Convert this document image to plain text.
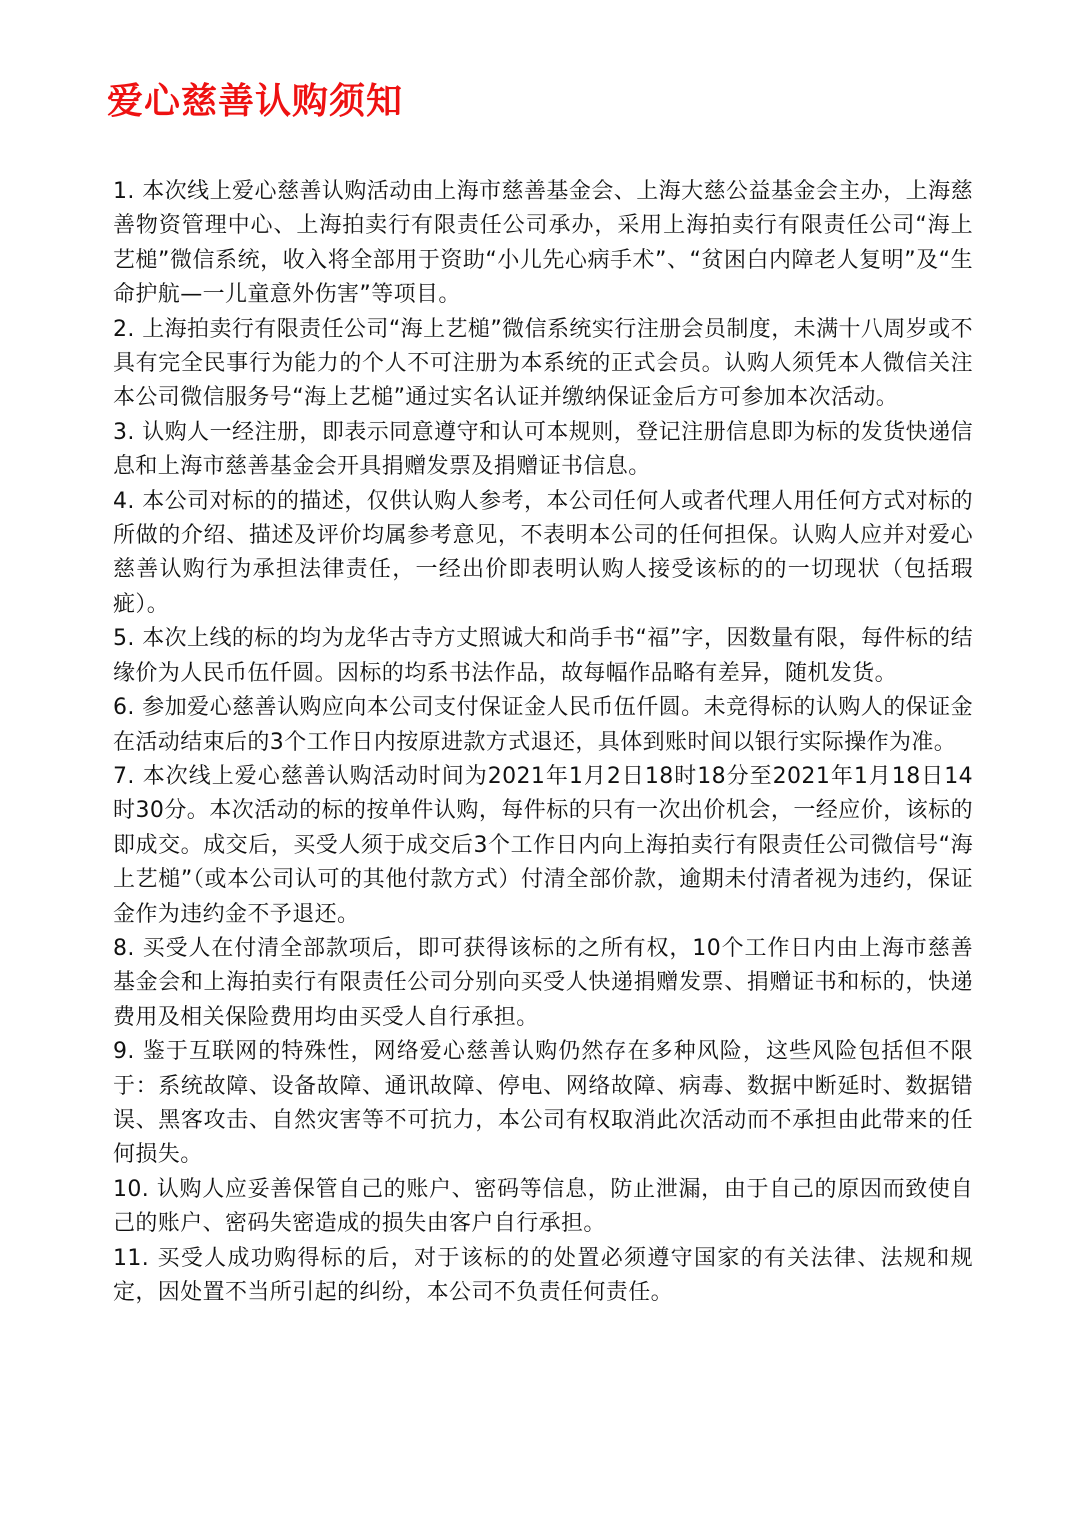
爱心慈善认购须知
1. 本次线上爱心慈善认购活动由上海市慈善基金会、上海大慈公益基金会主办，上海慈善物资管理中心、上海拍卖行有限责任公司承办，采用上海拍卖行有限责任公司“海上艺槌”微信系统，收入将全部用于资助“小儿先心病手术”、“贫困白内障老人复明”及“生命护航—一儿童意外伤害”等项目。
2. 上海拍卖行有限责任公司“海上艺槌”微信系统实行注册会员制度，未满十八周岁或不具有完全民事行为能力的个人不可注册为本系统的正式会员。认购人须凭本人微信关注本公司微信服务号“海上艺槌”通过实名认证并缴纳保证金后方可参加本次活动。
3. 认购人一经注册，即表示同意遵守和认可本规则，登记注册信息即为标的发货快递信息和上海市慈善基金会开具捐赠发票及捐赠证书信息。
4. 本公司对标的的描述，仅供认购人参考，本公司任何人或者代理人用任何方式对标的所做的介绍、描述及评价均属参考意见，不表明本公司的任何担保。认购人应并对爱心慈善认购行为承担法律责任，一经出价即表明认购人接受该标的的一切现状（包括瑕疵）。
5. 本次上线的标的均为龙华古寺方丈照诚大和尚手书“福”字，因数量有限，每件标的结缘价为人民币伍仟圆。因标的均系书法作品，故每幅作品略有差异，随机发货。
6. 参加爱心慈善认购应向本公司支付保证金人民币伍仟圆。未竞得标的认购人的保证金在活动结束后的3个工作日内按原进款方式退还，具体到账时间以银行实际操作为准。
7. 本次线上爱心慈善认购活动时间为2021年1月2日18时18分至2021年1月18日14时30分。本次活动的标的按单件认购，每件标的只有一次出价机会，一经应价，该标的即成交。成交后，买受人须于成交后3个工作日内向上海拍卖行有限责任公司微信号“海上艺槌”（或本公司认可的其他付款方式）付清全部价款，逾期未付清者视为违约，保证金作为违约金不予退还。
8. 买受人在付清全部款项后，即可获得该标的之所有权，10个工作日内由上海市慈善基金会和上海拍卖行有限责任公司分别向买受人快递捐赠发票、捐赠证书和标的，快递费用及相关保险费用均由买受人自行承担。
9. 鉴于互联网的特殊性，网络爱心慈善认购仍然存在多种风险，这些风险包括但不限于：系统故障、设备故障、通讯故障、停电、网络故障、病毒、数据中断延时、数据错误、黑客攻击、自然灾害等不可抗力，本公司有权取消此次活动而不承担由此带来的任何损失。
10. 认购人应妥善保管自己的账户、密码等信息，防止泄漏，由于自己的原因而致使自己的账户、密码失密造成的损失由客户自行承担。
11. 买受人成功购得标的后，对于该标的的处置必须遵守国家的有关法律、法规和规定，因处置不当所引起的纠纷，本公司不负责任何责任。
